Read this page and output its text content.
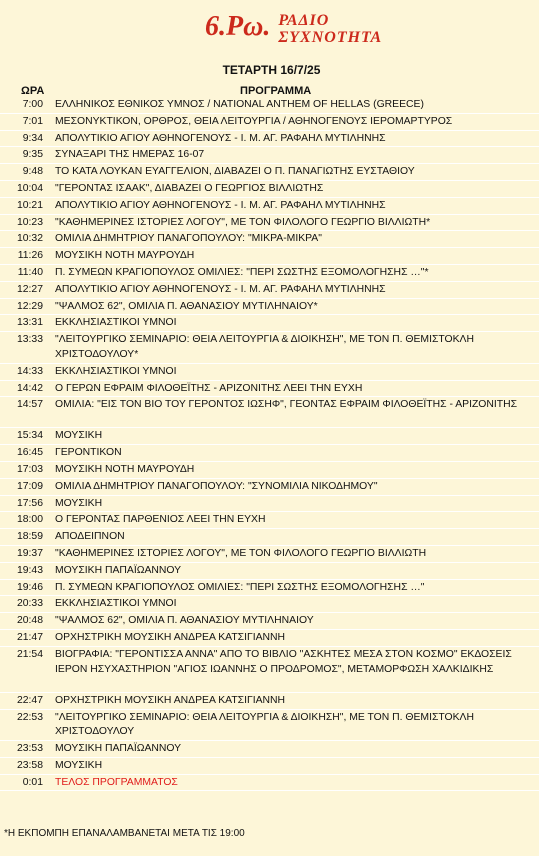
6.Ρω. ΡΑΔΙΟ
ΣΥΧΝΟΤΗΤΑ
ΤΕΤΑΡΤΗ 16/7/25
ΩΡΑ	ΠΡΟΓΡΑΜΜΑ
7:00 ΕΛΛΗΝΙΚΟΣ ΕΘΝΙΚΟΣ ΥΜΝΟΣ / NATIONAL ANTHEM OF HELLAS (GREECE)
7:01 ΜΕΣΟΝΥΚΤΙΚΟΝ, ΟΡΘΡΟΣ, ΘΕΙΑ ΛΕΙΤΟΥΡΓΙΑ / ΑΘΗΝΟΓΕΝΟΥΣ ΙΕΡΟΜΑΡΤΥΡΟΣ
9:34 ΑΠΟΛΥΤΙΚΙΟ ΑΓΙΟΥ ΑΘΗΝΟΓΕΝΟΥΣ - Ι. Μ. ΑΓ. ΡΑΦΑΗΛ ΜΥΤΙΛΗΝΗΣ
9:35 ΣΥΝΑΞΑΡΙ ΤΗΣ ΗΜΕΡΑΣ 16-07
9:48 ΤΟ ΚΑΤΑ ΛΟΥΚΑΝ ΕΥΑΓΓΕΛΙΟΝ, ΔΙΑΒΑΖΕΙ Ο Π. ΠΑΝΑΓΙΩΤΗΣ ΕΥΣΤΑΘΙΟΥ
10:04 "ΓΕΡΟΝΤΑΣ ΙΣΑΑΚ", ΔΙΑΒΑΖΕΙ Ο ΓΕΩΡΓΙΟΣ ΒΙΛΛΙΩΤΗΣ
10:21 ΑΠΟΛΥΤΙΚΙΟ ΑΓΙΟΥ ΑΘΗΝΟΓΕΝΟΥΣ - Ι. Μ. ΑΓ. ΡΑΦΑΗΛ ΜΥΤΙΛΗΝΗΣ
10:23 "ΚΑΘΗΜΕΡΙΝΕΣ ΙΣΤΟΡΙΕΣ ΛΟΓΟΥ", ΜΕ ΤΟΝ ΦΙΛΟΛΟΓΟ ΓΕΩΡΓΙΟ ΒΙΛΛΙΩΤΗ*
10:32 ΟΜΙΛΙΑ ΔΗΜΗΤΡΙΟΥ ΠΑΝΑΓΟΠΟΥΛΟΥ: "ΜΙΚΡΑ-ΜΙΚΡΑ"
11:26 ΜΟΥΣΙΚΗ ΝΟΤΗ ΜΑΥΡΟΥΔΗ
11:40 Π. ΣΥΜΕΩΝ ΚΡΑΓΙΟΠΟΥΛΟΣ ΟΜΙΛΙΕΣ: "ΠΕΡΙ ΣΩΣΤΗΣ ΕΞΟΜΟΛΟΓΗΣΗΣ …"*
12:27 ΑΠΟΛΥΤΙΚΙΟ ΑΓΙΟΥ ΑΘΗΝΟΓΕΝΟΥΣ - Ι. Μ. ΑΓ. ΡΑΦΑΗΛ ΜΥΤΙΛΗΝΗΣ
12:29 "ΨΑΛΜΟΣ 62", ΟΜΙΛΙΑ Π. ΑΘΑΝΑΣΙΟΥ ΜΥΤΙΛΗΝΑΙΟΥ*
13:31 ΕΚΚΛΗΣΙΑΣΤΙΚΟΙ ΥΜΝΟΙ
13:33 "ΛΕΙΤΟΥΡΓΙΚΟ ΣΕΜΙΝΑΡΙΟ: ΘΕΙΑ ΛΕΙΤΟΥΡΓΙΑ & ΔΙΟΙΚΗΣΗ", ΜΕ ΤΟΝ Π. ΘΕΜΙΣΤΟΚΛΗ ΧΡΙΣΤΟΔΟΥΛΟΥ*
14:33 ΕΚΚΛΗΣΙΑΣΤΙΚΟΙ ΥΜΝΟΙ
14:42 Ο ΓΕΡΩΝ ΕΦΡΑΙΜ ΦΙΛΟΘΕΪΤΗΣ - ΑΡΙΖΟΝΙΤΗΣ ΛΕΕΙ ΤΗΝ ΕΥΧΗ
14:57 ΟΜΙΛΙΑ: "ΕΙΣ ΤΟΝ ΒΙΟ ΤΟΥ ΓΕΡΟΝΤΟΣ ΙΩΣΗΦ", ΓΕΟΝΤΑΣ ΕΦΡΑΙΜ ΦΙΛΟΘΕΪΤΗΣ - ΑΡΙΖΟΝΙΤΗΣ
15:34 ΜΟΥΣΙΚΗ
16:45 ΓΕΡΟΝΤΙΚΟΝ
17:03 ΜΟΥΣΙΚΗ ΝΟΤΗ ΜΑΥΡΟΥΔΗ
17:09 ΟΜΙΛΙΑ ΔΗΜΗΤΡΙΟΥ ΠΑΝΑΓΟΠΟΥΛΟΥ: "ΣΥΝΟΜΙΛΙΑ ΝΙΚΟΔΗΜΟΥ"
17:56 ΜΟΥΣΙΚΗ
18:00 Ο ΓΕΡΟΝΤΑΣ ΠΑΡΘΕΝΙΟΣ ΛΕΕΙ ΤΗΝ ΕΥΧΗ
18:59 ΑΠΟΔΕΙΠΝΟΝ
19:37 "ΚΑΘΗΜΕΡΙΝΕΣ ΙΣΤΟΡΙΕΣ ΛΟΓΟΥ", ΜΕ ΤΟΝ ΦΙΛΟΛΟΓΟ ΓΕΩΡΓΙΟ ΒΙΛΛΙΩΤΗ
19:43 ΜΟΥΣΙΚΗ ΠΑΠΑΪΩΑΝΝΟΥ
19:46 Π. ΣΥΜΕΩΝ ΚΡΑΓΙΟΠΟΥΛΟΣ ΟΜΙΛΙΕΣ: "ΠΕΡΙ ΣΩΣΤΗΣ ΕΞΟΜΟΛΟΓΗΣΗΣ …"
20:33 ΕΚΚΛΗΣΙΑΣΤΙΚΟΙ ΥΜΝΟΙ
20:48 "ΨΑΛΜΟΣ 62", ΟΜΙΛΙΑ Π. ΑΘΑΝΑΣΙΟΥ ΜΥΤΙΛΗΝΑΙΟΥ
21:47 ΟΡΧΗΣΤΡΙΚΗ ΜΟΥΣΙΚΗ ΑΝΔΡΕΑ ΚΑΤΣΙΓΙΑΝΝΗ
21:54 ΒΙΟΓΡΑΦΙΑ: "ΓΕΡΟΝΤΙΣΣΑ ΑΝΝΑ" ΑΠΟ ΤΟ ΒΙΒΛΙΟ "ΑΣΚΗΤΕΣ ΜΕΣΑ ΣΤΟΝ ΚΟΣΜΟ" ΕΚΔΟΣΕΙΣ ΙΕΡΟΝ ΗΣΥΧΑΣΤΗΡΙΟΝ "ΑΓΙΟΣ ΙΩΑΝΝΗΣ Ο ΠΡΟΔΡΟΜΟΣ", ΜΕΤΑΜΟΡΦΩΣΗ ΧΑΛΚΙΔΙΚΗΣ
22:47 ΟΡΧΗΣΤΡΙΚΗ ΜΟΥΣΙΚΗ ΑΝΔΡΕΑ ΚΑΤΣΙΓΙΑΝΝΗ
22:53 "ΛΕΙΤΟΥΡΓΙΚΟ ΣΕΜΙΝΑΡΙΟ: ΘΕΙΑ ΛΕΙΤΟΥΡΓΙΑ & ΔΙΟΙΚΗΣΗ", ΜΕ ΤΟΝ Π. ΘΕΜΙΣΤΟΚΛΗ ΧΡΙΣΤΟΔΟΥΛΟΥ
23:53 ΜΟΥΣΙΚΗ ΠΑΠΑΪΩΑΝΝΟΥ
23:58 ΜΟΥΣΙΚΗ
0:01 ΤΕΛΟΣ ΠΡΟΓΡΑΜΜΑΤΟΣ
*Η ΕΚΠΟΜΠΗ ΕΠΑΝΑΛΑΜΒΑΝΕΤΑΙ ΜΕΤΑ ΤΙΣ 19:00
